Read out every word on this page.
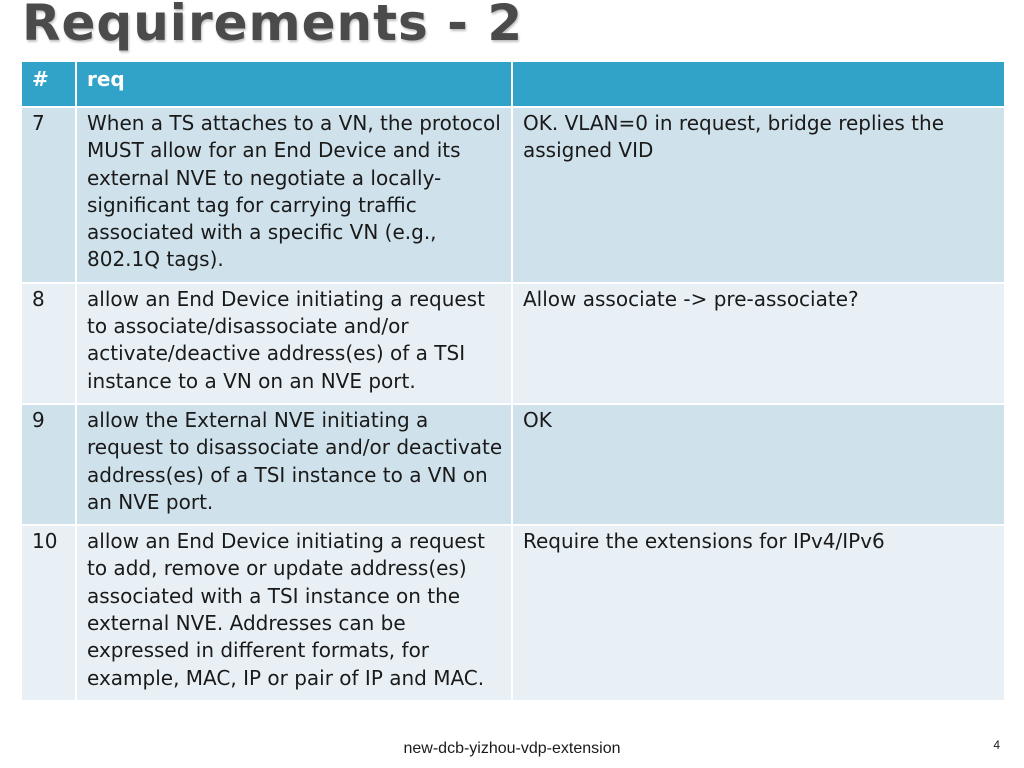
Requirements - 2
#	req	
7	When a TS attaches to a VN, the protocol MUST allow for an End Device and its external NVE to negotiate a locally-significant tag for carrying traffic associated with a specific VN (e.g., 802.1Q tags).	OK. VLAN=0 in request, bridge replies the assigned VID
8	allow an End Device initiating a request to associate/disassociate and/or activate/deactive address(es) of a TSI instance to a VN on an NVE port.	Allow associate -> pre-associate?
9	allow the External NVE initiating a request to disassociate and/or deactivate address(es) of a TSI instance to a VN on an NVE port.	OK
10	allow an End Device initiating a request to add, remove or update address(es) associated with a TSI instance on the external NVE. Addresses can be expressed in different formats, for example, MAC, IP or pair of IP and MAC.	Require the extensions for IPv4/IPv6
new-dcb-yizhou-vdp-extension	4
